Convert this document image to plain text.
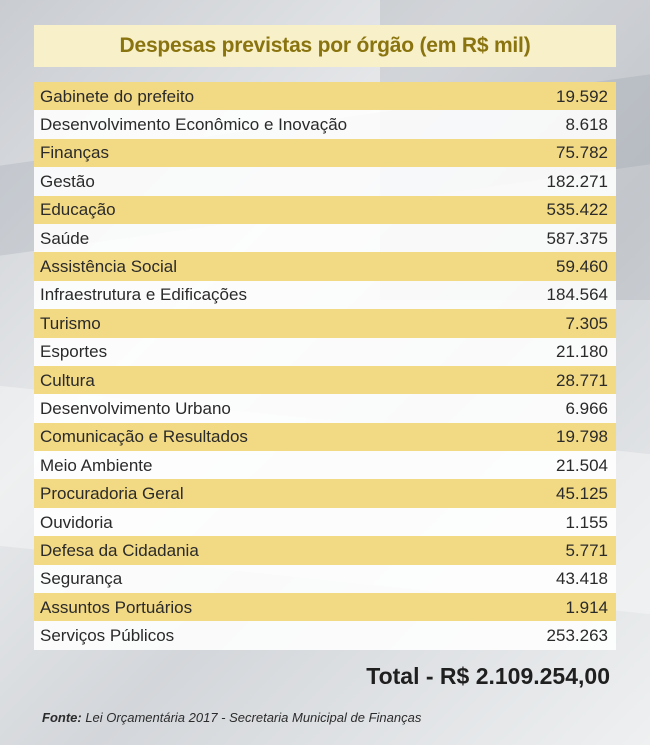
Despesas previstas por órgão (em R$ mil)
Gabinete do prefeito	19.592
Desenvolvimento Econômico e Inovação	8.618
Finanças	75.782
Gestão	182.271
Educação	535.422
Saúde	587.375
Assistência Social	59.460
Infraestrutura e Edificações	184.564
Turismo	7.305
Esportes	21.180
Cultura	28.771
Desenvolvimento Urbano	6.966
Comunicação e Resultados	19.798
Meio Ambiente	21.504
Procuradoria Geral	45.125
Ouvidoria	1.155
Defesa da Cidadania	5.771
Segurança	43.418
Assuntos Portuários	1.914
Serviços Públicos	253.263
Total - R$ 2.109.254,00
Fonte: Lei Orçamentária 2017 - Secretaria Municipal de Finanças
